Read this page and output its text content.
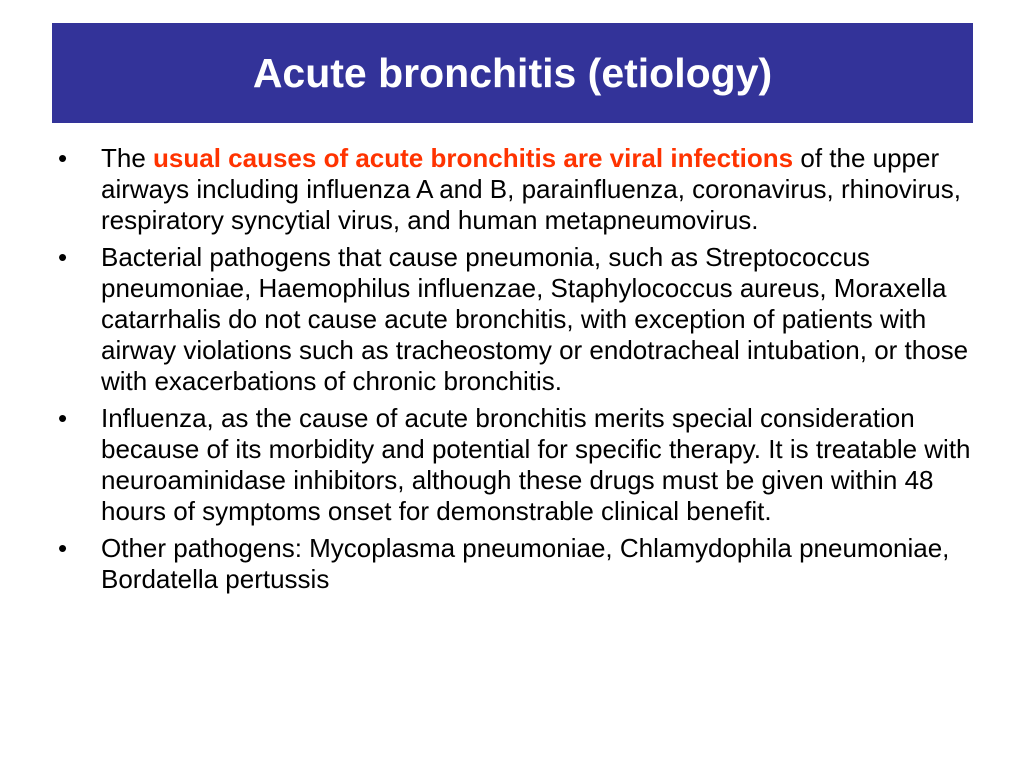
Acute bronchitis (etiology)
•	The usual causes of acute bronchitis are viral infections of the upper airways including influenza A and B, parainfluenza, coronavirus, rhinovirus, respiratory syncytial virus, and human metapneumovirus.
•	Bacterial pathogens that cause pneumonia, such as Streptococcus pneumoniae, Haemophilus influenzae, Staphylococcus aureus, Moraxella catarrhalis do not cause acute bronchitis, with exception of patients with airway violations such as tracheostomy or endotracheal intubation, or those with exacerbations of chronic bronchitis.
•	Influenza, as the cause of acute bronchitis merits special consideration because of its morbidity and potential for specific therapy. It is treatable with neuroaminidase inhibitors, although these drugs must be given within 48 hours of symptoms onset for demonstrable clinical benefit.
•	Other pathogens: Mycoplasma pneumoniae, Chlamydophila pneumoniae, Bordatella pertussis
